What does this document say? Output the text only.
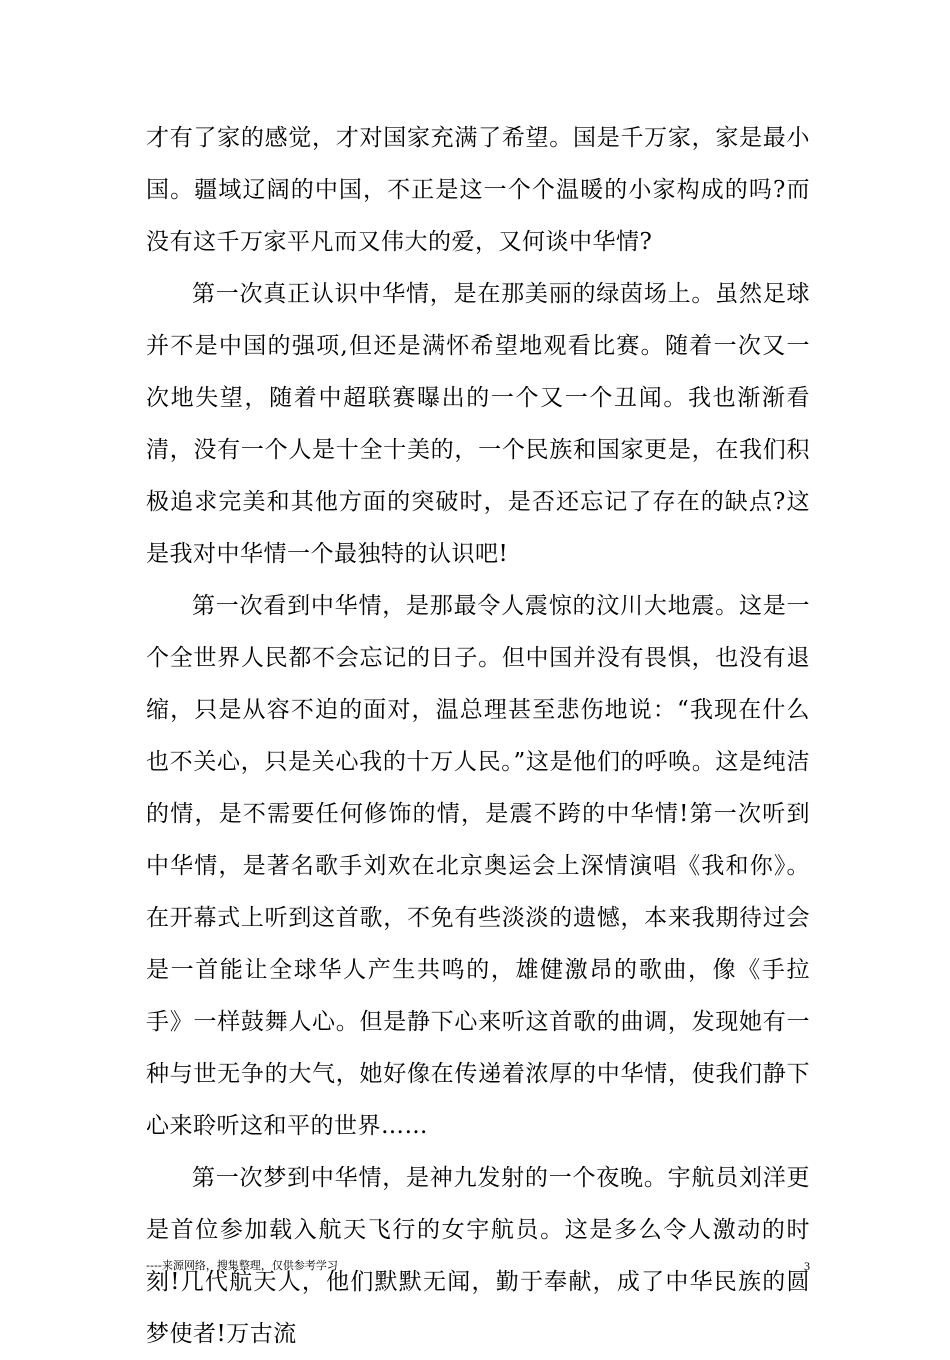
才有了家的感觉，才对国家充满了希望。国是千万家，家是最小国。疆域辽阔的中国，不正是这一个个温暖的小家构成的吗?而没有这千万家平凡而又伟大的爱，又何谈中华情?

第一次真正认识中华情，是在那美丽的绿茵场上。虽然足球并不是中国的强项,但还是满怀希望地观看比赛。随着一次又一次地失望，随着中超联赛曝出的一个又一个丑闻。我也渐渐看清，没有一个人是十全十美的，一个民族和国家更是，在我们积极追求完美和其他方面的突破时，是否还忘记了存在的缺点?这是我对中华情一个最独特的认识吧!

第一次看到中华情，是那最令人震惊的汶川大地震。这是一个全世界人民都不会忘记的日子。但中国并没有畏惧，也没有退缩，只是从容不迫的面对，温总理甚至悲伤地说：“我现在什么也不关心，只是关心我的十万人民。”这是他们的呼唤。这是纯洁的情，是不需要任何修饰的情，是震不跨的中华情!第一次听到中华情，是著名歌手刘欢在北京奥运会上深情演唱《我和你》。在开幕式上听到这首歌，不免有些淡淡的遗憾，本来我期待过会是一首能让全球华人产生共鸣的，雄健激昂的歌曲，像《手拉手》一样鼓舞人心。但是静下心来听这首歌的曲调，发现她有一种与世无争的大气，她好像在传递着浓厚的中华情，使我们静下心来聆听这和平的世界……

第一次梦到中华情，是神九发射的一个夜晚。宇航员刘洋更是首位参加载入航天飞行的女宇航员。这是多么令人激动的时刻!几代航天人，他们默默无闻，勤于奉献，成了中华民族的圆梦使者!万古流

----来源网络，搜集整理，仅供参考学习	3
